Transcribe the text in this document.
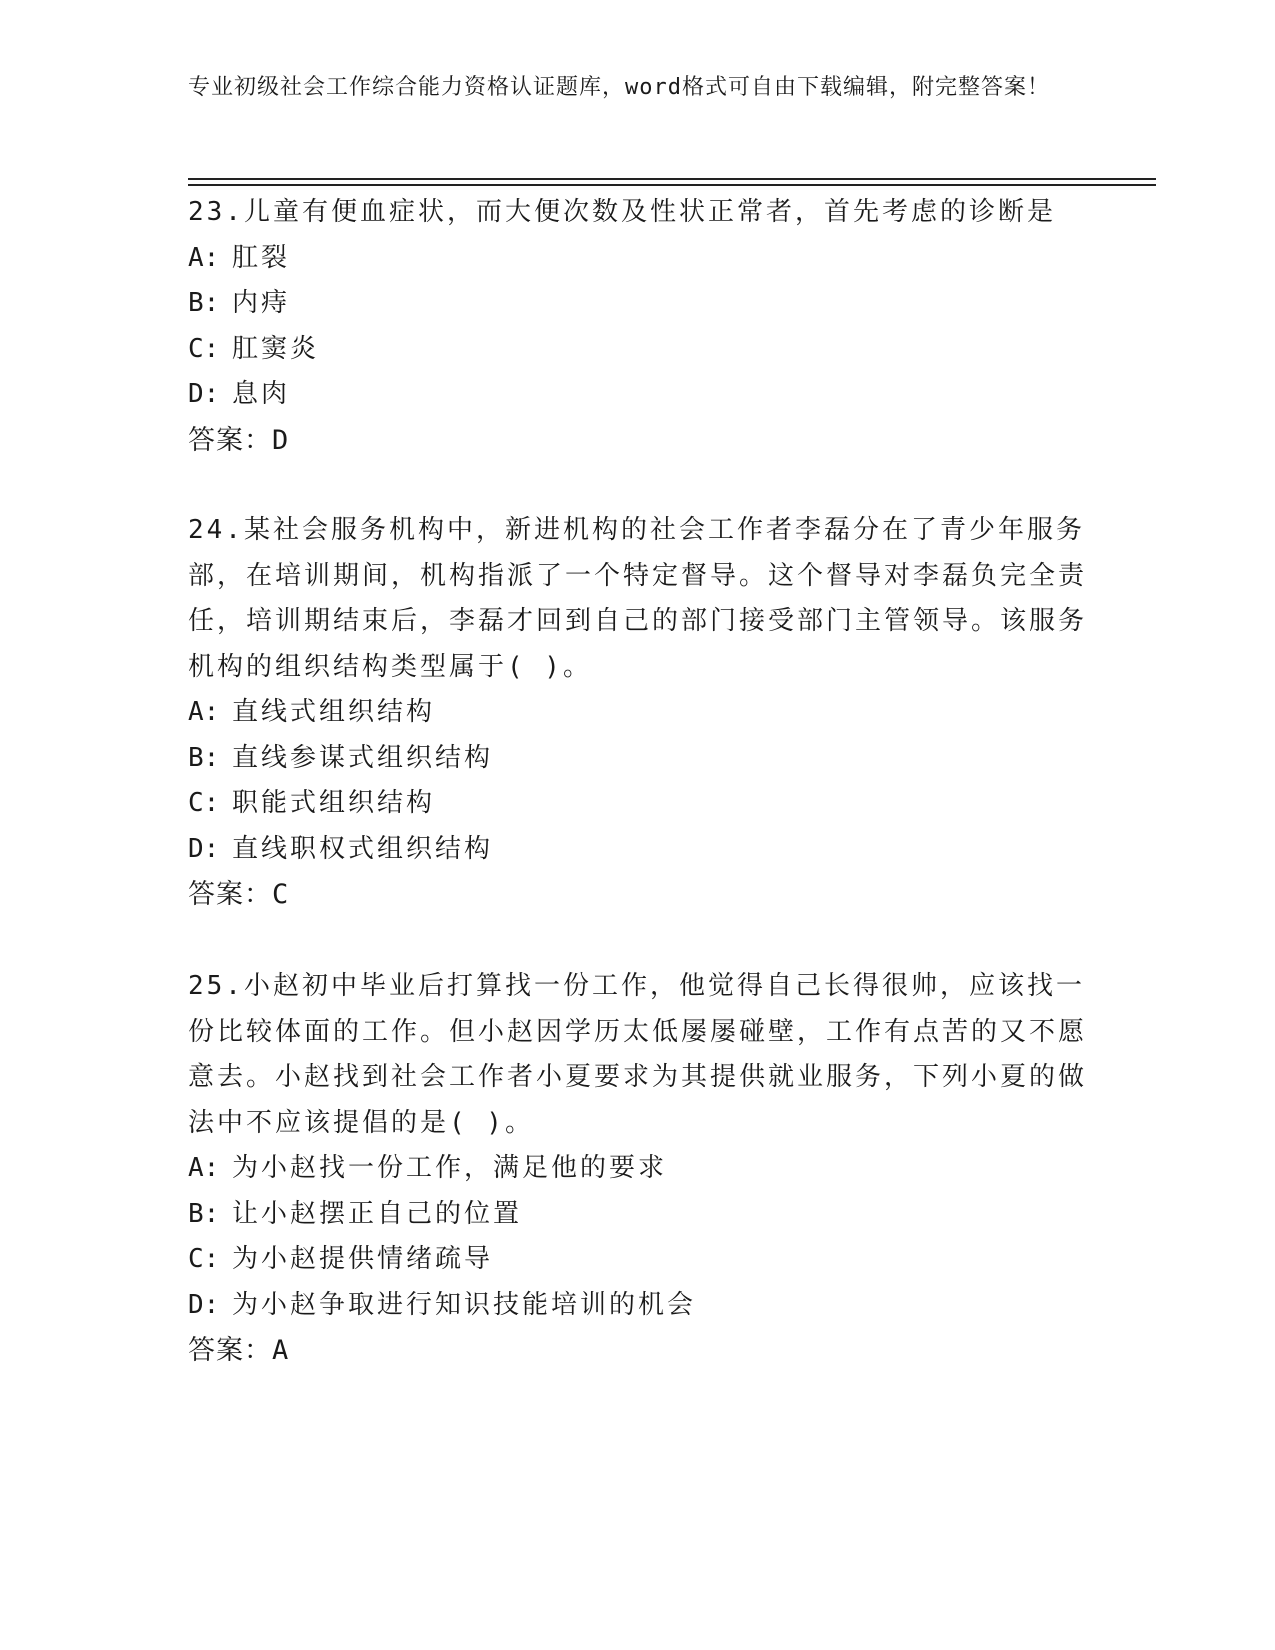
专业初级社会工作综合能力资格认证题库，word格式可自由下载编辑，附完整答案！

23.儿童有便血症状，而大便次数及性状正常者，首先考虑的诊断是

A: 肛裂

B: 内痔

C: 肛窦炎

D: 息肉

答案：D

24.某社会服务机构中，新进机构的社会工作者李磊分在了青少年服务部，在培训期间，机构指派了一个特定督导。这个督导对李磊负完全责任，培训期结束后，李磊才回到自己的部门接受部门主管领导。该服务机构的组织结构类型属于( )。

A: 直线式组织结构

B: 直线参谋式组织结构

C: 职能式组织结构

D: 直线职权式组织结构

答案：C

25.小赵初中毕业后打算找一份工作，他觉得自己长得很帅，应该找一份比较体面的工作。但小赵因学历太低屡屡碰壁，工作有点苦的又不愿意去。小赵找到社会工作者小夏要求为其提供就业服务，下列小夏的做法中不应该提倡的是( )。

A: 为小赵找一份工作，满足他的要求

B: 让小赵摆正自己的位置

C: 为小赵提供情绪疏导

D: 为小赵争取进行知识技能培训的机会

答案：A
